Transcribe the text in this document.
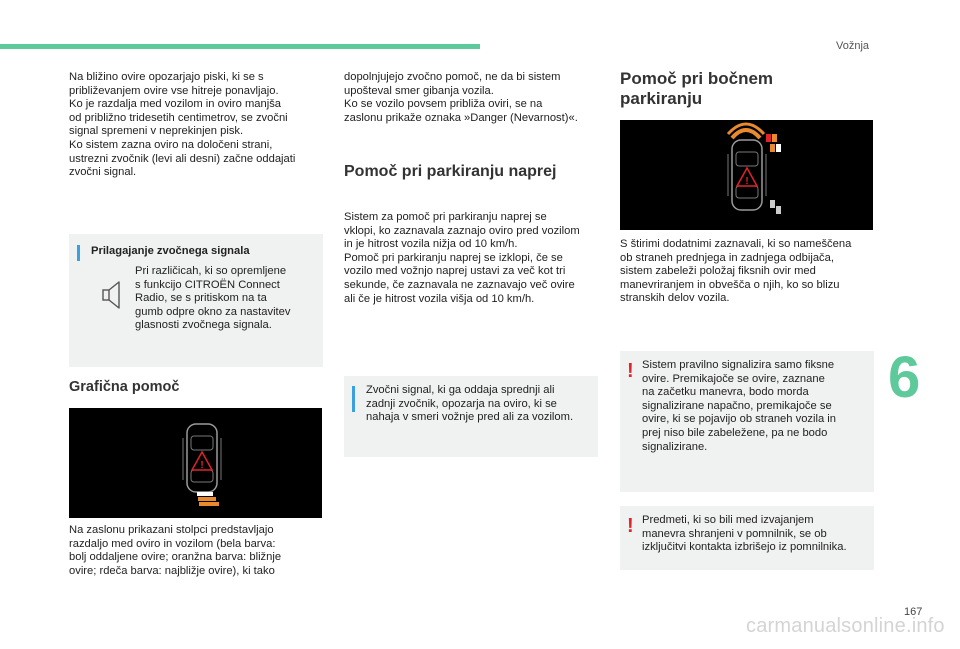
Vožnja
6
167
carmanualsonline.info
Na bližino ovire opozarjajo piski, ki se s
približevanjem ovire vse hitreje ponavljajo.
Ko je razdalja med vozilom in oviro manjša
od približno tridesetih centimetrov, se zvočni
signal spremeni v neprekinjen pisk.
Ko sistem zazna oviro na določeni strani,
ustrezni zvočnik (levi ali desni) začne oddajati
zvočni signal.
Prilagajanje zvočnega signala
Pri različicah, ki so opremljene
s funkcijo CITROËN Connect
Radio, se s pritiskom na ta
gumb odpre okno za nastavitev
glasnosti zvočnega signala.
Grafična pomoč
!
Na zaslonu prikazani stolpci predstavljajo
razdaljo med oviro in vozilom (bela barva:
bolj oddaljene ovire; oranžna barva: bližnje
ovire; rdeča barva: najbližje ovire), ki tako
dopolnjujejo zvočno pomoč, ne da bi sistem
upošteval smer gibanja vozila.
Ko se vozilo povsem približa oviri, se na
zaslonu prikaže oznaka »Danger (Nevarnost)«.
Pomoč pri parkiranju naprej
Sistem za pomoč pri parkiranju naprej se
vklopi, ko zaznavala zaznajo oviro pred vozilom
in je hitrost vozila nižja od 10 km/h.
Pomoč pri parkiranju naprej se izklopi, če se
vozilo med vožnjo naprej ustavi za več kot tri
sekunde, če zaznavala ne zaznavajo več ovire
ali če je hitrost vozila višja od 10 km/h.
Zvočni signal, ki ga oddaja sprednji ali
zadnji zvočnik, opozarja na oviro, ki se
nahaja v smeri vožnje pred ali za vozilom.
Pomoč pri bočnem
parkiranju
!
S štirimi dodatnimi zaznavali, ki so nameščena
ob straneh prednjega in zadnjega odbijača,
sistem zabeleži položaj fiksnih ovir med
manevriranjem in obvešča o njih, ko so blizu
stranskih delov vozila.
! Sistem pravilno signalizira samo fiksne
ovire. Premikajoče se ovire, zaznane
na začetku manevra, bodo morda
signalizirane napačno, premikajoče se
ovire, ki se pojavijo ob straneh vozila in
prej niso bile zabeležene, pa ne bodo
signalizirane.
! Predmeti, ki so bili med izvajanjem
manevra shranjeni v pomnilnik, se ob
izključitvi kontakta izbrišejo iz pomnilnika.
